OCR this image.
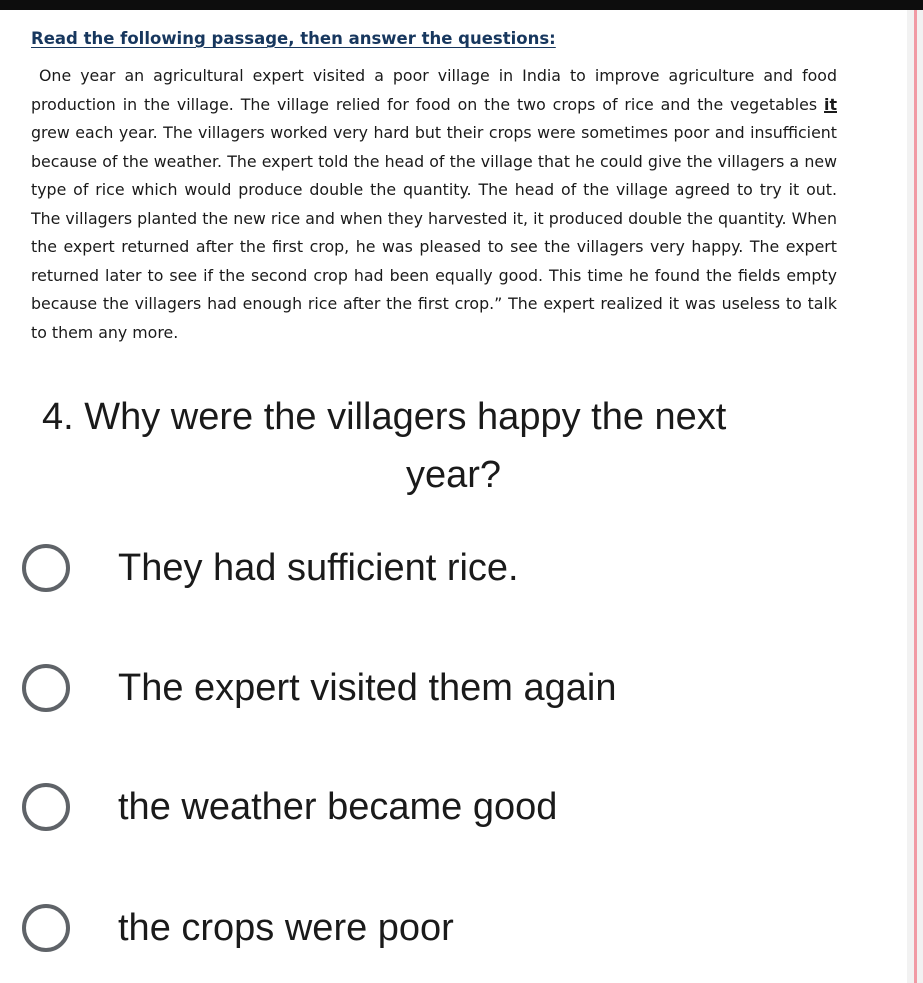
Read the following passage, then answer the questions:

One year an agricultural expert visited a poor village in India to improve agriculture and food production in the village. The village relied for food on the two crops of rice and the vegetables it grew each year. The villagers worked very hard but their crops were sometimes poor and insufficient because of the weather. The expert told the head of the village that he could give the villagers a new type of rice which would produce double the quantity. The head of the village agreed to try it out. The villagers planted the new rice and when they harvested it, it produced double the quantity. When the expert returned after the first crop, he was pleased to see the villagers very happy. The expert returned later to see if the second crop had been equally good. This time he found the fields empty because the villagers had enough rice after the first crop.” The expert realized it was useless to talk to them any more.

4. Why were the villagers happy the next
year?
They had sufficient rice.
The expert visited them again
the weather became good
the crops were poor
